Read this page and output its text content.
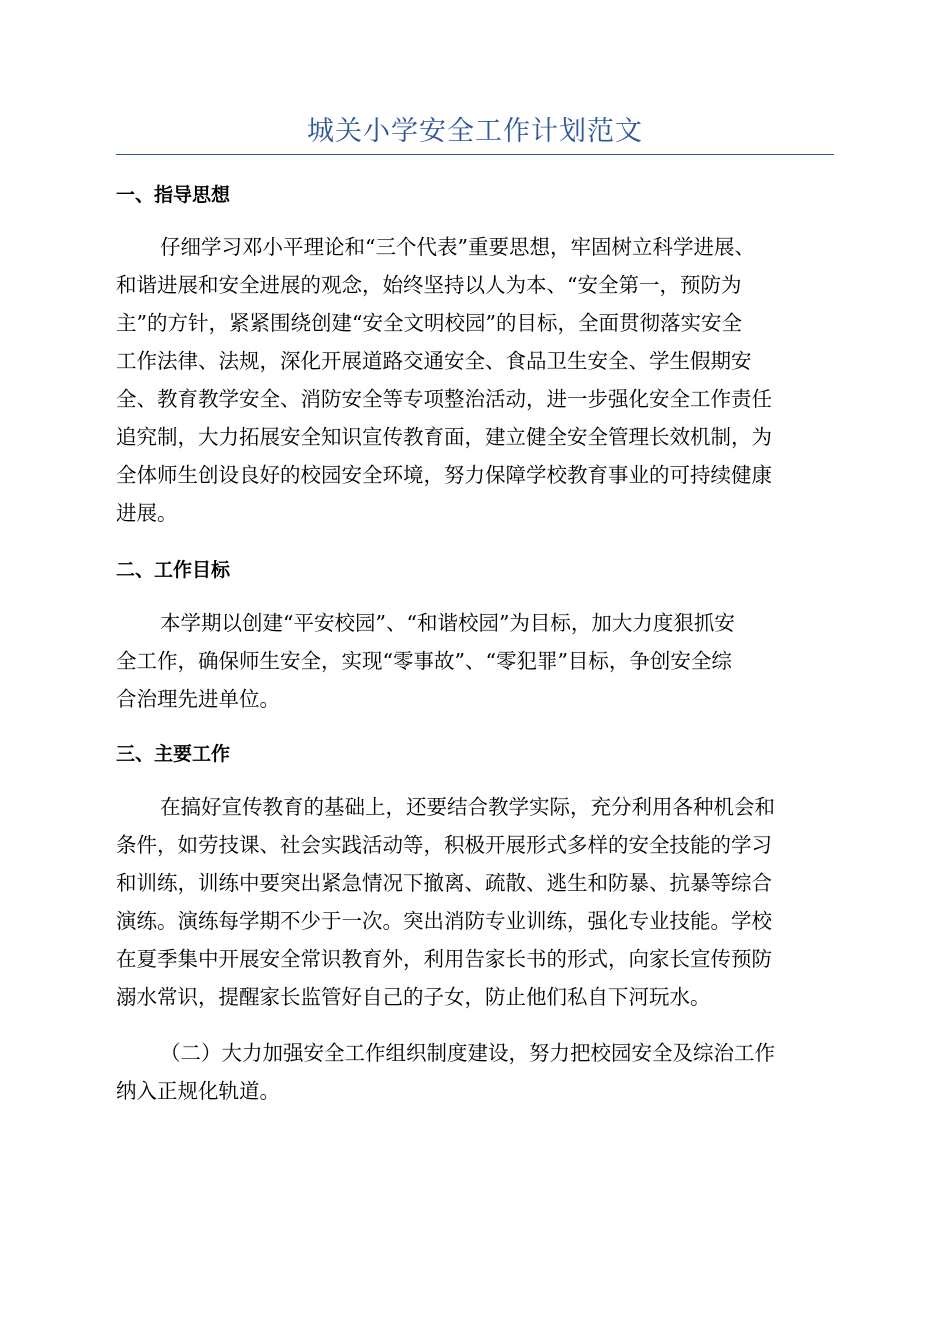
城关小学安全工作计划范文
一、指导思想
仔细学习邓小平理论和“三个代表”重要思想，牢固树立科学进展、
和谐进展和安全进展的观念，始终坚持以人为本、“安全第一，预防为
主”的方针，紧紧围绕创建“安全文明校园”的目标，全面贯彻落实安全
工作法律、法规，深化开展道路交通安全、食品卫生安全、学生假期安
全、教育教学安全、消防安全等专项整治活动，进一步强化安全工作责任
追究制，大力拓展安全知识宣传教育面，建立健全安全管理长效机制，为
全体师生创设良好的校园安全环境，努力保障学校教育事业的可持续健康
进展。
二、工作目标
本学期以创建“平安校园”、“和谐校园”为目标，加大力度狠抓安
全工作，确保师生安全，实现“零事故”、“零犯罪”目标，争创安全综
合治理先进单位。
三、主要工作
在搞好宣传教育的基础上，还要结合教学实际，充分利用各种机会和
条件，如劳技课、社会实践活动等，积极开展形式多样的安全技能的学习
和训练，训练中要突出紧急情况下撤离、疏散、逃生和防暴、抗暴等综合
演练。演练每学期不少于一次。突出消防专业训练，强化专业技能。学校
在夏季集中开展安全常识教育外，利用告家长书的形式，向家长宣传预防
溺水常识，提醒家长监管好自己的子女，防止他们私自下河玩水。
（二）大力加强安全工作组织制度建设，努力把校园安全及综治工作
纳入正规化轨道。
